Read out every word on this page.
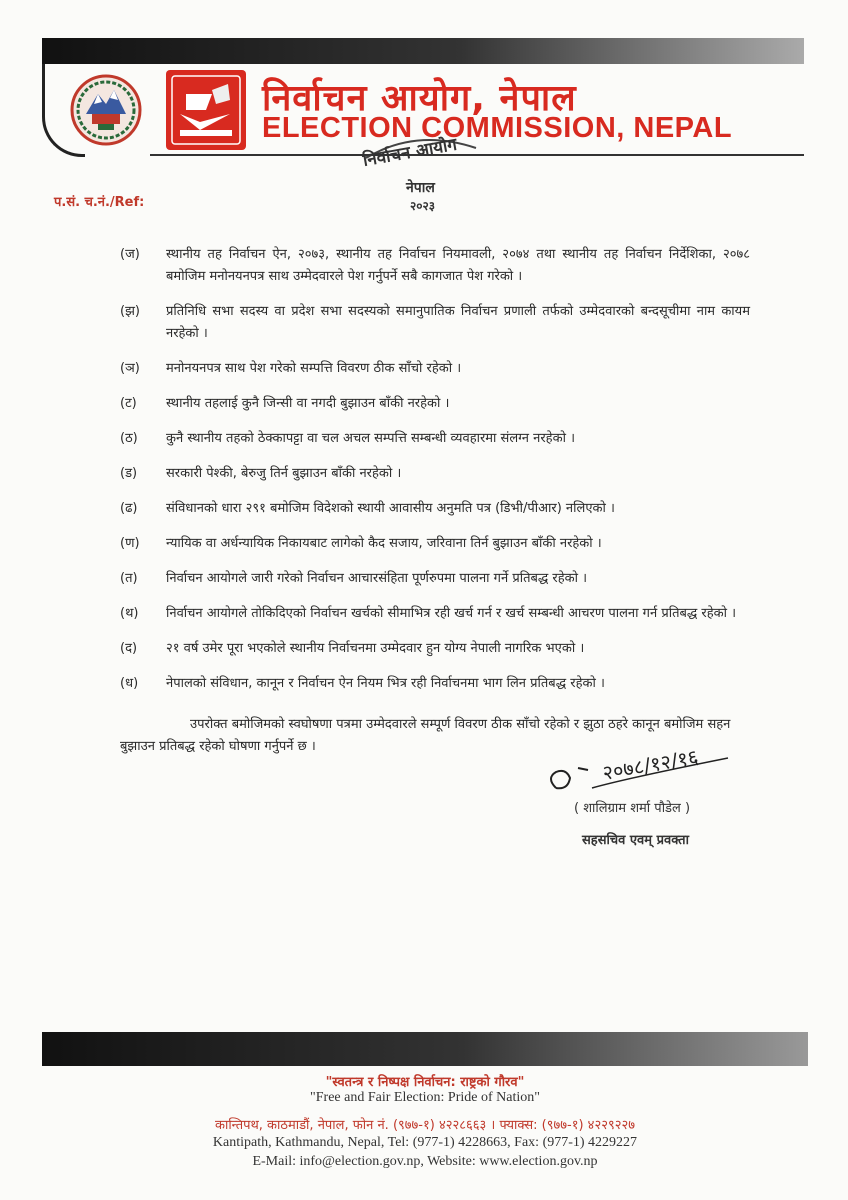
निर्वाचन आयोग, नेपाल
ELECTION COMMISSION, NEPAL
निर्वाचन आयोग
नेपाल
२०२३
प.सं. च.नं./Ref:
(ज)	स्थानीय तह निर्वाचन ऐन, २०७३, स्थानीय तह निर्वाचन नियमावली, २०७४ तथा स्थानीय तह निर्वाचन निर्देशिका, २०७८ बमोजिम मनोनयनपत्र साथ उम्मेदवारले पेश गर्नुपर्ने सबै कागजात पेश गरेको ।
(झ)	प्रतिनिधि सभा सदस्य वा प्रदेश सभा सदस्यको समानुपातिक निर्वाचन प्रणाली तर्फको उम्मेदवारको बन्दसूचीमा नाम कायम नरहेको ।
(ञ)	मनोनयनपत्र साथ पेश गरेको सम्पत्ति विवरण ठीक साँचो रहेको ।
(ट)	स्थानीय तहलाई कुनै जिन्सी वा नगदी बुझाउन बाँकी नरहेको ।
(ठ)	कुनै स्थानीय तहको ठेक्कापट्टा वा चल अचल सम्पत्ति सम्बन्धी व्यवहारमा संलग्न नरहेको ।
(ड)	सरकारी पेश्की, बेरुजु तिर्न बुझाउन बाँकी नरहेको ।
(ढ)	संविधानको धारा २९१ बमोजिम विदेशको स्थायी आवासीय अनुमति पत्र (डिभी/पीआर) नलिएको ।
(ण)	न्यायिक वा अर्धन्यायिक निकायबाट लागेको कैद सजाय, जरिवाना तिर्न बुझाउन बाँकी नरहेको ।
(त)	निर्वाचन आयोगले जारी गरेको निर्वाचन आचारसंहिता पूर्णरुपमा पालना गर्ने प्रतिबद्ध रहेको ।
(थ)	निर्वाचन आयोगले तोकिदिएको निर्वाचन खर्चको सीमाभित्र रही खर्च गर्न र खर्च सम्बन्धी आचरण पालना गर्न प्रतिबद्ध रहेको ।
(द)	२१ वर्ष उमेर पूरा भएकोले स्थानीय निर्वाचनमा उम्मेदवार हुन योग्य नेपाली नागरिक भएको ।
(ध)	नेपालको संविधान, कानून र निर्वाचन ऐन नियम भित्र रही निर्वाचनमा भाग लिन प्रतिबद्ध रहेको ।
उपरोक्त बमोजिमको स्वघोषणा पत्रमा उम्मेदवारले सम्पूर्ण विवरण ठीक साँचो रहेको र झुठा ठहरे कानून बमोजिम सहन बुझाउन प्रतिबद्ध रहेको घोषणा गर्नुपर्ने छ ।	२०७८/१२/१६
( शालिग्राम शर्मा पौडेल )
सहसचिव एवम् प्रवक्ता
"स्वतन्त्र र निष्पक्ष निर्वाचन: राष्ट्रको गौरव"
"Free and Fair Election: Pride of Nation"
कान्तिपथ, काठमाडौं, नेपाल, फोन नं. (९७७-१) ४२२८६६३ । फ्याक्स: (९७७-१) ४२२९२२७
Kantipath, Kathmandu, Nepal, Tel: (977-1) 4228663, Fax: (977-1) 4229227
E-Mail: info@election.gov.np, Website: www.election.gov.np
